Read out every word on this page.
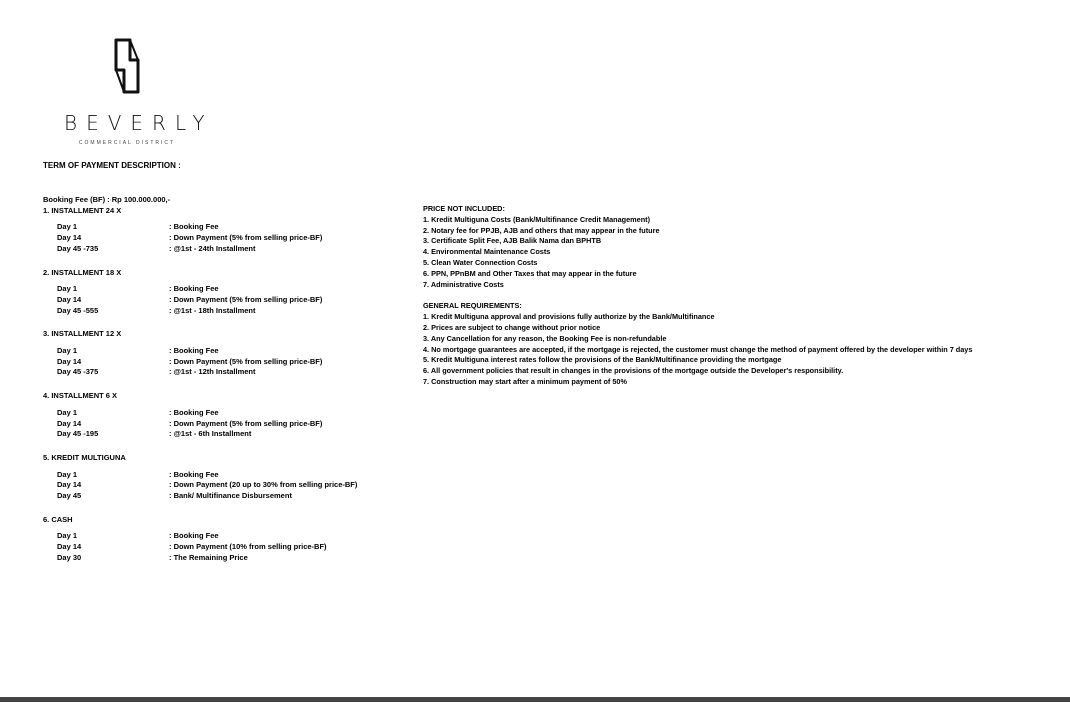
BEVERLY
COMMERCIAL DISTRICT
TERM OF PAYMENT DESCRIPTION :
Booking Fee (BF) : Rp 100.000.000,-
1. INSTALLMENT 24 X
Day 1	: Booking Fee
Day 14	: Down Payment (5% from selling price-BF)
Day 45 -735	: @1st - 24th Installment
2. INSTALLMENT 18 X
Day 1	: Booking Fee
Day 14	: Down Payment (5% from selling price-BF)
Day 45 -555	: @1st - 18th Installment
3. INSTALLMENT 12 X
Day 1	: Booking Fee
Day 14	: Down Payment (5% from selling price-BF)
Day 45 -375	: @1st - 12th Installment
4. INSTALLMENT 6 X
Day 1	: Booking Fee
Day 14	: Down Payment (5% from selling price-BF)
Day 45 -195	: @1st - 6th Installment
5. KREDIT MULTIGUNA
Day 1	: Booking Fee
Day 14	: Down Payment (20 up to 30% from selling price-BF)
Day 45	: Bank/ Multifinance Disbursement
6. CASH
Day 1	: Booking Fee
Day 14	: Down Payment (10% from selling price-BF)
Day 30	: The Remaining Price
PRICE NOT INCLUDED:
1. Kredit Multiguna Costs (Bank/Multifinance Credit Management)
2. Notary fee for PPJB, AJB and others that may appear in the future
3. Certificate Split Fee, AJB Balik Nama dan BPHTB
4. Environmental Maintenance Costs
5. Clean Water Connection Costs
6. PPN, PPnBM and Other Taxes that may appear in the future
7. Administrative Costs
GENERAL REQUIREMENTS:
1. Kredit Multiguna approval and provisions fully authorize by the Bank/Multifinance
2. Prices are subject to change without prior notice
3. Any Cancellation for any reason, the Booking Fee is non-refundable
4. No mortgage guarantees are accepted, if the mortgage is rejected, the customer must change the method of payment offered by the developer within 7 days
5. Kredit Multiguna interest rates follow the provisions of the Bank/Multifinance providing the mortgage
6. All government policies that result in changes in the provisions of the mortgage outside the Developer's responsibility.
7. Construction may start after a minimum payment of 50%
